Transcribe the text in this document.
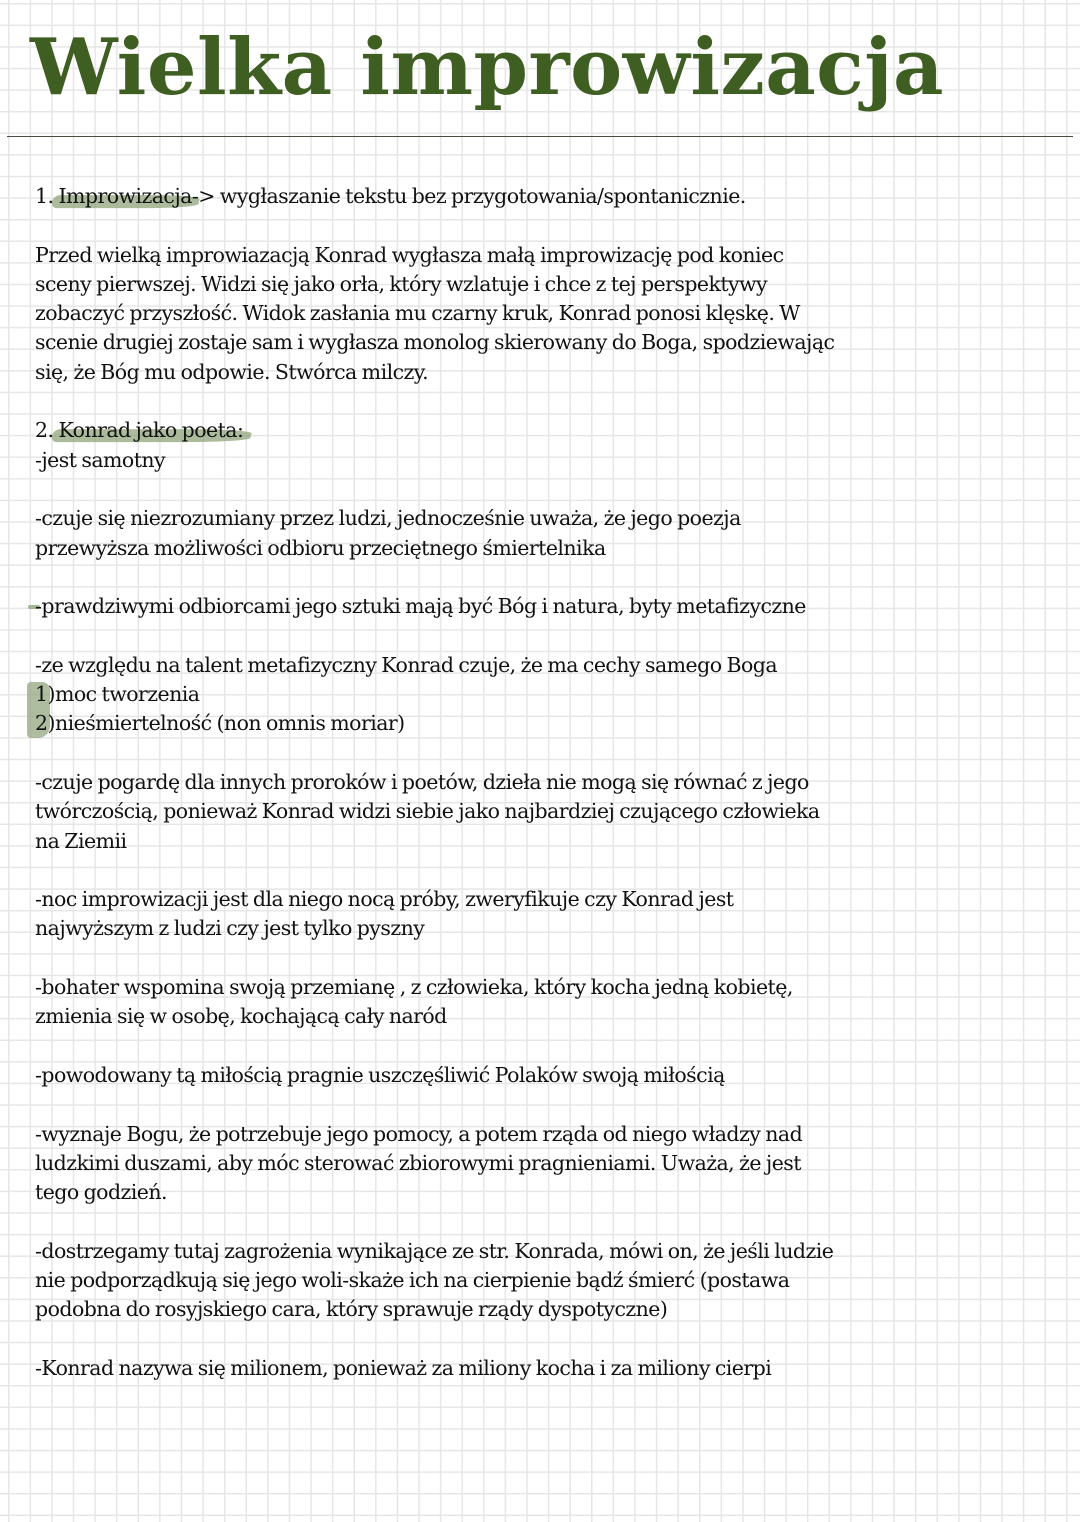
Wielka improwizacja
1. Improwizacja-> wygłaszanie tekstu bez przygotowania/spontanicznie.
Przed wielką improwiazacją Konrad wygłasza małą improwizację pod koniec
sceny pierwszej. Widzi się jako orła, który wzlatuje i chce z tej perspektywy
zobaczyć przyszłość. Widok zasłania mu czarny kruk, Konrad ponosi klęskę. W
scenie drugiej zostaje sam i wygłasza monolog skierowany do Boga, spodziewając
się, że Bóg mu odpowie. Stwórca milczy.
2. Konrad jako poeta:
-jest samotny
-czuje się niezrozumiany przez ludzi, jednocześnie uważa, że jego poezja
przewyższa możliwości odbioru przeciętnego śmiertelnika
-prawdziwymi odbiorcami jego sztuki mają być Bóg i natura, byty metafizyczne
-ze względu na talent metafizyczny Konrad czuje, że ma cechy samego Boga
1)moc tworzenia
2)nieśmiertelność (non omnis moriar)
-czuje pogardę dla innych proroków i poetów, dzieła nie mogą się równać z jego
twórczością, ponieważ Konrad widzi siebie jako najbardziej czującego człowieka
na Ziemii
-noc improwizacji jest dla niego nocą próby, zweryfikuje czy Konrad jest
najwyższym z ludzi czy jest tylko pyszny
-bohater wspomina swoją przemianę , z człowieka, który kocha jedną kobietę,
zmienia się w osobę, kochającą cały naród
-powodowany tą miłością pragnie uszczęśliwić Polaków swoją miłością
-wyznaje Bogu, że potrzebuje jego pomocy, a potem rząda od niego władzy nad
ludzkimi duszami, aby móc sterować zbiorowymi pragnieniami. Uważa, że jest
tego godzień.
-dostrzegamy tutaj zagrożenia wynikające ze str. Konrada, mówi on, że jeśli ludzie
nie podporządkują się jego woli-skaże ich na cierpienie bądź śmierć (postawa
podobna do rosyjskiego cara, który sprawuje rządy dyspotyczne)
-Konrad nazywa się milionem, ponieważ za miliony kocha i za miliony cierpi
